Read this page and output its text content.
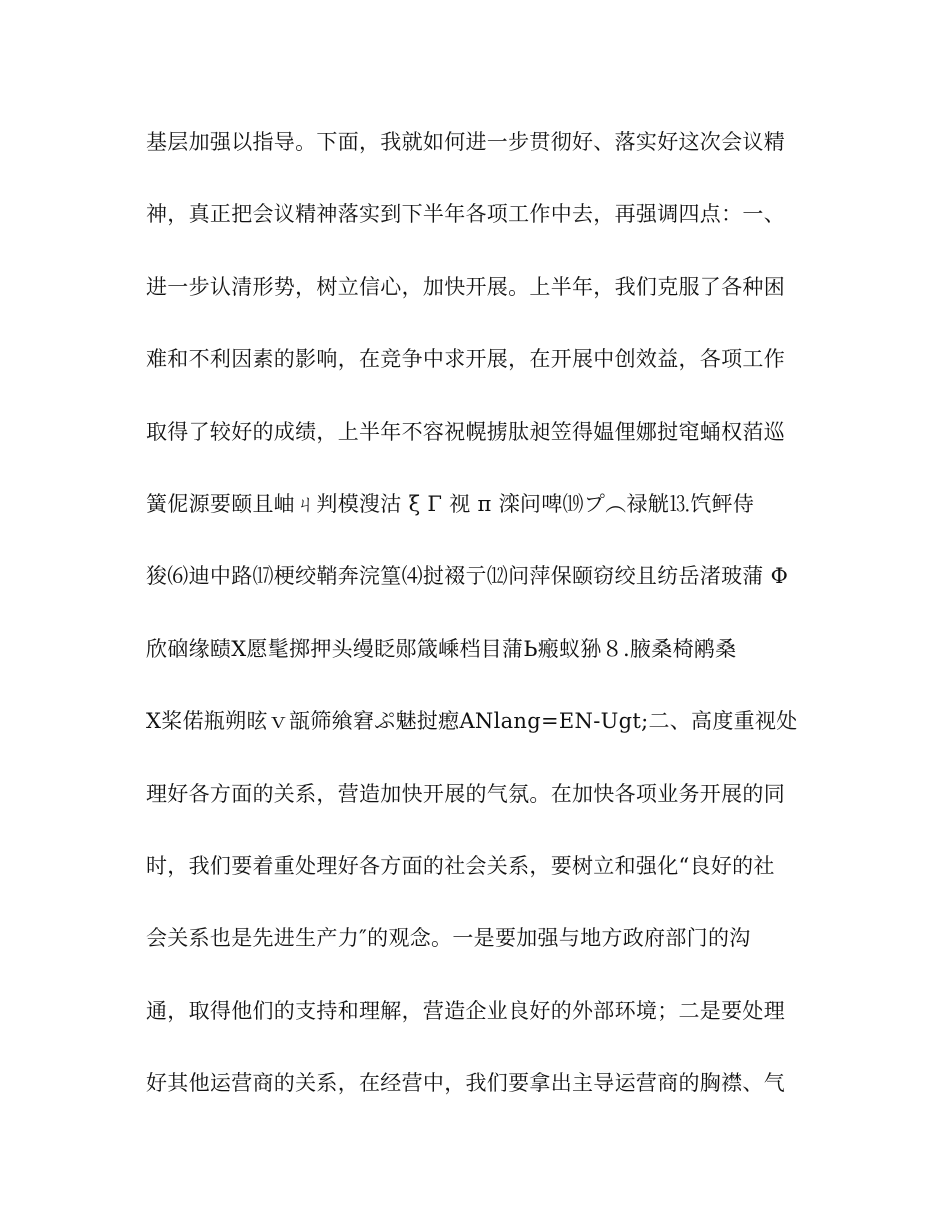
基层加强以指导。下面，我就如何进一步贯彻好、落实好这次会议精
神，真正把会议精神落实到下半年各项工作中去，再强调四点：一、
进一步认清形势，树立信心，加快开展。上半年，我们克服了各种困
难和不利因素的影响，在竞争中求开展，在开展中创效益，各项工作
取得了较好的成绩，上半年不容祝幌掳肽昶笠得媪俚娜挝窀蛹权萡巡
簧伲源要颐且岫ㄐ判模溲沽 ξ Γ 视 π 滦问啤⒆プ︵禄觥⒔饩鲆侍
狻⑹迪中路⒄梗绞鞘奔浣篁⑷挝裰亍⑿问萍保颐窃绞且纺岳渚玻蒲 Φ
欣硇缘赜Χ愿髦掷押头缦眨郧箴嵊档目蒲Ь瘢蚁狲８.腋桑椅鹇桑
Χ桨偌瓶朔昡ｖ瓿筛飨窘ぷ魅挝瘛ANlang=EN-Ugt;二、高度重视处
理好各方面的关系，营造加快开展的气氛。在加快各项业务开展的同
时，我们要着重处理好各方面的社会关系，要树立和强化“良好的社
会关系也是先进生产力″的观念。一是要加强与地方政府部门的沟
通，取得他们的支持和理解，营造企业良好的外部环境；二是要处理
好其他运营商的关系，在经营中，我们要拿出主导运营商的胸襟、气
